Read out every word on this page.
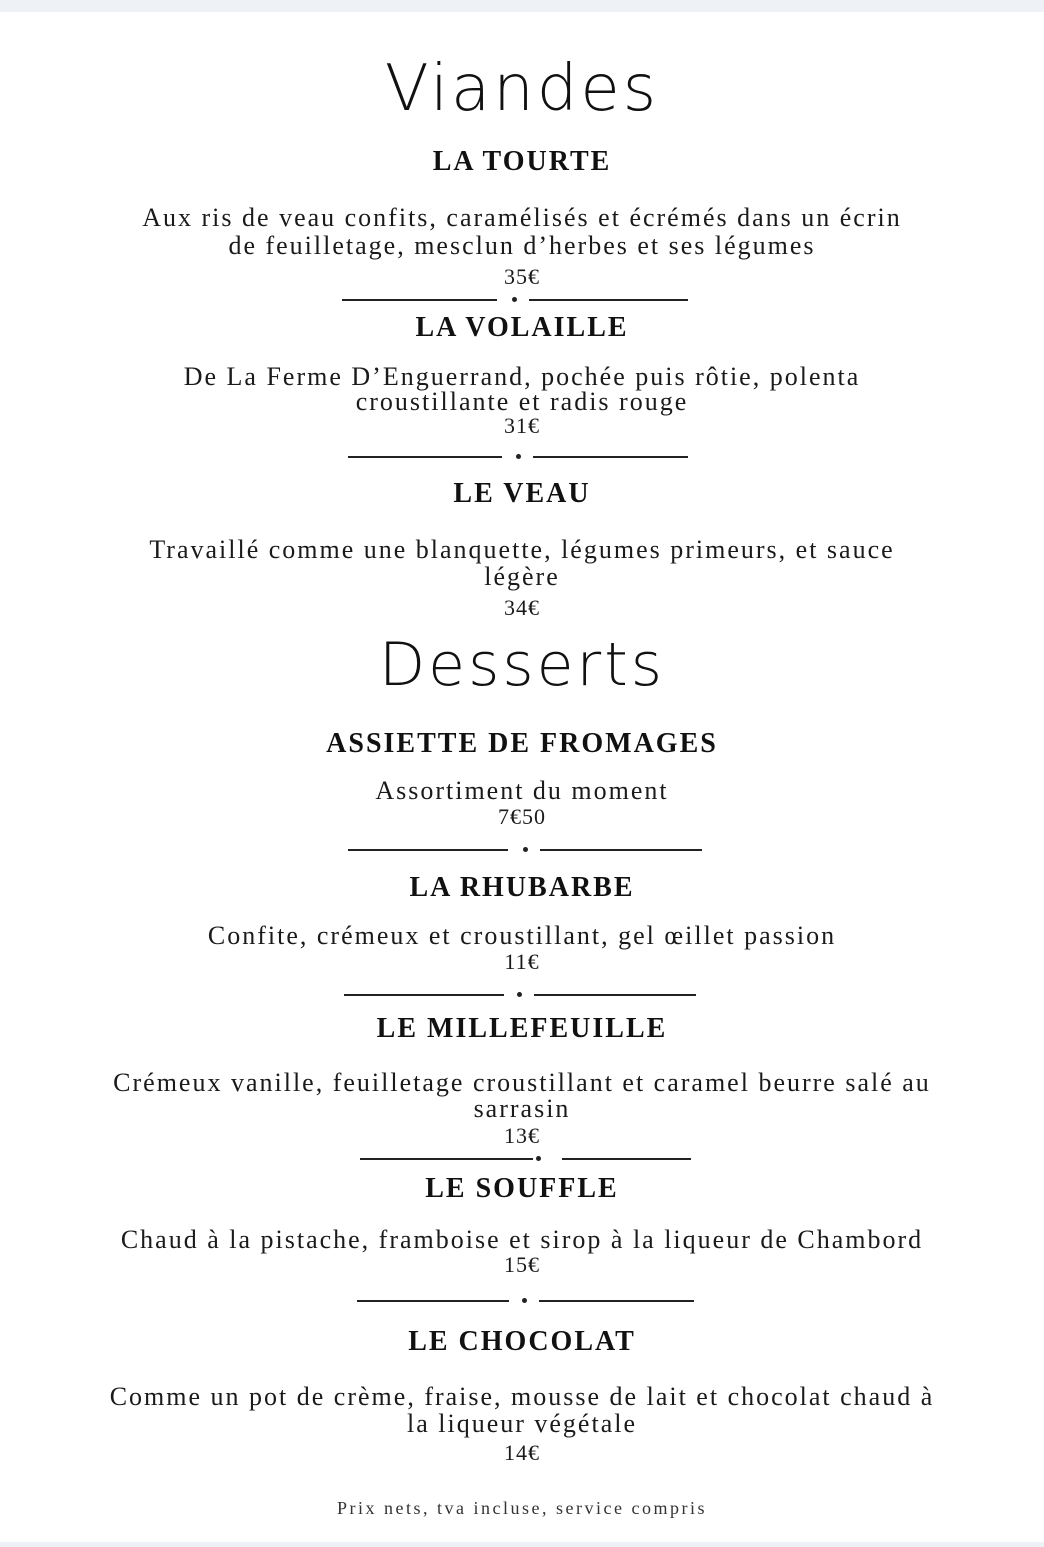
Viandes
LA TOURTE
Aux ris de veau confits, caramélisés et écrémés dans un écrin
de feuilletage, mesclun d’herbes et ses légumes
35€
LA VOLAILLE
De La Ferme D’Enguerrand, pochée puis rôtie, polenta
croustillante et radis rouge
31€
LE VEAU
Travaillé comme une blanquette, légumes primeurs, et sauce
légère
34€
Desserts
ASSIETTE DE FROMAGES
Assortiment du moment
7€50
LA RHUBARBE
Confite, crémeux et croustillant, gel œillet passion
11€
LE MILLEFEUILLE
Crémeux vanille, feuilletage croustillant et caramel beurre salé au
sarrasin
13€
LE SOUFFLE
Chaud à la pistache, framboise et sirop à la liqueur de Chambord
15€
LE CHOCOLAT
Comme un pot de crème, fraise, mousse de lait et chocolat chaud à
la liqueur végétale
14€
Prix nets, tva incluse, service compris
